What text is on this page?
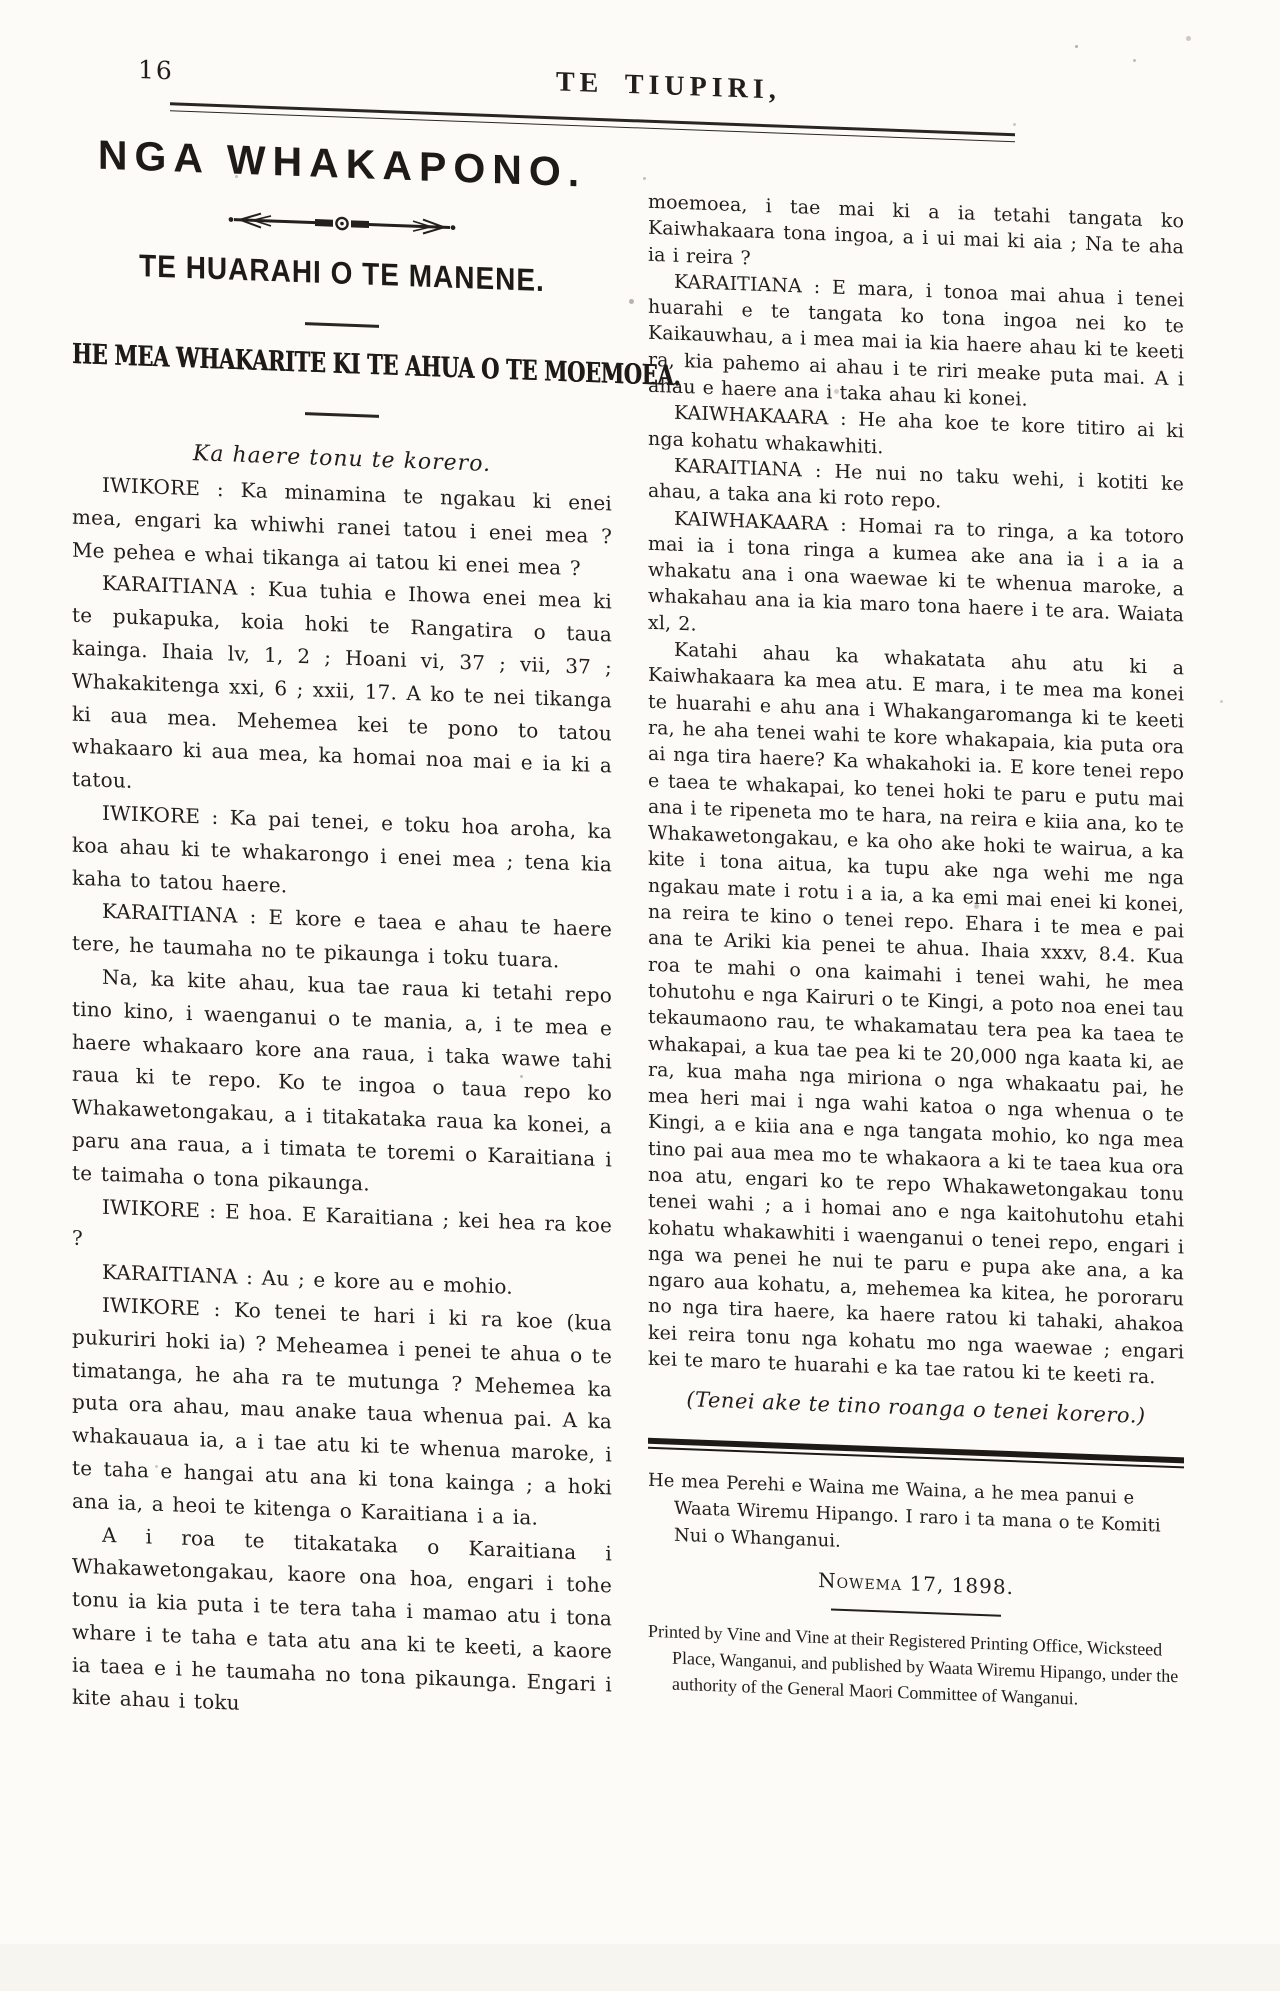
16	TE TIUPIRI,
NGA WHAKAPONO.
TE HUARAHI O TE MANENE.
HE MEA WHAKARITE KI TE AHUA O TE MOEMOEA.
Ka haere tonu te korero.

IWIKORE : Ka minamina te ngakau ki enei mea, engari ka whiwhi ranei tatou i enei mea ? Me pehea e whai tikanga ai tatou ki enei mea ?

KARAITIANA : Kua tuhia e Ihowa enei mea ki te pukapuka, koia hoki te Rangatira o taua kainga. Ihaia lv, 1, 2 ; Hoani vi, 37 ; vii, 37 ; Whakakitenga xxi, 6 ; xxii, 17. A ko te nei tikanga ki aua mea. Mehemea kei te pono to tatou whakaaro ki aua mea, ka homai noa mai e ia ki a tatou.

IWIKORE : Ka pai tenei, e toku hoa aroha, ka koa ahau ki te whakarongo i enei mea ; tena kia kaha to tatou haere.

KARAITIANA : E kore e taea e ahau te haere tere, he taumaha no te pikaunga i toku tuara.

Na, ka kite ahau, kua tae raua ki tetahi repo tino kino, i waenganui o te mania, a, i te mea e haere whakaaro kore ana raua, i taka wawe tahi raua ki te repo. Ko te ingoa o taua repo ko Whakawetongakau, a i titakataka raua ka konei, a paru ana raua, a i timata te toremi o Karaitiana i te taimaha o tona pikaunga.

IWIKORE : E hoa. E Karaitiana ; kei hea ra koe ?

KARAITIANA : Au ; e kore au e mohio.

IWIKORE : Ko tenei te hari i ki ra koe (kua pukuriri hoki ia) ? Meheamea i penei te ahua o te timatanga, he aha ra te mutunga ? Mehemea ka puta ora ahau, mau anake taua whenua pai. A ka whakauaua ia, a i tae atu ki te whenua maroke, i te taha e hangai atu ana ki tona kainga ; a hoki ana ia, a heoi te kitenga o Karaitiana i a ia.

A i roa te titakataka o Karaitiana i Whakawetongakau, kaore ona hoa, engari i tohe tonu ia kia puta i te tera taha i mamao atu i tona whare i te taha e tata atu ana ki te keeti, a kaore ia taea e i he taumaha no tona pikaunga. Engari i kite ahau i toku

moemoea, i tae mai ki a ia tetahi tangata ko Kaiwhakaara tona ingoa, a i ui mai ki aia ; Na te aha ia i reira ?

KARAITIANA : E mara, i tonoa mai ahua i tenei huarahi e te tangata ko tona ingoa nei ko te Kaikauwhau, a i mea mai ia kia haere ahau ki te keeti ra, kia pahemo ai ahau i te riri meake puta mai. A i ahau e haere ana i taka ahau ki konei.

KAIWHAKAARA : He aha koe te kore titiro ai ki nga kohatu whakawhiti.

KARAITIANA : He nui no taku wehi, i kotiti ke ahau, a taka ana ki roto repo.

KAIWHAKAARA : Homai ra to ringa, a ka totoro mai ia i tona ringa a kumea ake ana ia i a ia a whakatu ana i ona waewae ki te whenua maroke, a whakahau ana ia kia maro tona haere i te ara. Waiata xl, 2.

Katahi ahau ka whakatata ahu atu ki a Kaiwhakaara ka mea atu. E mara, i te mea ma konei te huarahi e ahu ana i Whakangaromanga ki te keeti ra, he aha tenei wahi te kore whakapaia, kia puta ora ai nga tira haere? Ka whakahoki ia. E kore tenei repo e taea te whakapai, ko tenei hoki te paru e putu mai ana i te ripeneta mo te hara, na reira e kiia ana, ko te Whakawetongakau, e ka oho ake hoki te wairua, a ka kite i tona aitua, ka tupu ake nga wehi me nga ngakau mate i rotu i a ia, a ka emi mai enei ki konei, na reira te kino o tenei repo. Ehara i te mea e pai ana te Ariki kia penei te ahua. Ihaia xxxv, 8.4. Kua roa te mahi o ona kaimahi i tenei wahi, he mea tohutohu e nga Kairuri o te Kingi, a poto noa enei tau tekaumaono rau, te whakamatau tera pea ka taea te whakapai, a kua tae pea ki te 20,000 nga kaata ki, ae ra, kua maha nga miriona o nga whakaatu pai, he mea heri mai i nga wahi katoa o nga whenua o te Kingi, a e kiia ana e nga tangata mohio, ko nga mea tino pai aua mea mo te whakaora a ki te taea kua ora noa atu, engari ko te repo Whakawetongakau tonu tenei wahi ; a i homai ano e nga kaitohutohu etahi kohatu whakawhiti i waenganui o tenei repo, engari i nga wa penei he nui te paru e pupa ake ana, a ka ngaro aua kohatu, a, mehemea ka kitea, he pororaru no nga tira haere, ka haere ratou ki tahaki, ahakoa kei reira tonu nga kohatu mo nga waewae ; engari kei te maro te huarahi e ka tae ratou ki te keeti ra.

(Tenei ake te tino roanga o tenei korero.)

He mea Perehi e Waina me Waina, a he mea panui e Waata Wiremu Hipango. I raro i ta mana o te Komiti Nui o Whanganui.

Nowema 17, 1898.

Printed by Vine and Vine at their Registered Printing Office, Wicksteed Place, Wanganui, and published by Waata Wiremu Hipango, under the authority of the General Maori Committee of Wanganui.
